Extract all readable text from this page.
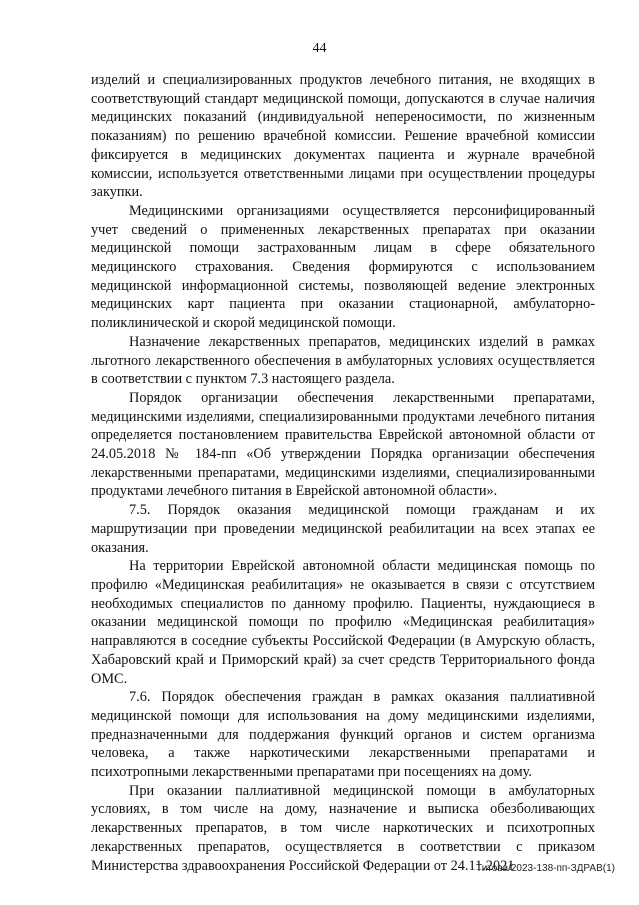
44

изделий и специализированных продуктов лечебного питания, не входящих в соответствующий стандарт медицинской помощи, допускаются в случае наличия медицинских показаний (индивидуальной непереносимости, по жизненным показаниям) по решению врачебной комиссии. Решение врачебной комиссии фиксируется в медицинских документах пациента и журнале врачебной комиссии, используется ответственными лицами при осуществлении процедуры закупки.

Медицинскими организациями осуществляется персонифицированный учет сведений о примененных лекарственных препаратах при оказании медицинской помощи застрахованным лицам в сфере обязательного медицинского страхования. Сведения формируются с использованием медицинской информационной системы, позволяющей ведение электронных медицинских карт пациента при оказании стационарной, амбулаторно-поликлинической и скорой медицинской помощи.

Назначение лекарственных препаратов, медицинских изделий в рамках льготного лекарственного обеспечения в амбулаторных условиях осуществляется в соответствии с пунктом 7.3 настоящего раздела.

Порядок организации обеспечения лекарственными препаратами, медицинскими изделиями, специализированными продуктами лечебного питания определяется постановлением правительства Еврейской автономной области от 24.05.2018 № 184-пп «Об утверждении Порядка организации обеспечения лекарственными препаратами, медицинскими изделиями, специализированными продуктами лечебного питания в Еврейской автономной области».

7.5. Порядок оказания медицинской помощи гражданам и их маршрутизации при проведении медицинской реабилитации на всех этапах ее оказания.

На территории Еврейской автономной области медицинская помощь по профилю «Медицинская реабилитация» не оказывается в связи с отсутствием необходимых специалистов по данному профилю. Пациенты, нуждающиеся в оказании медицинской помощи по профилю «Медицинская реабилитация» направляются в соседние субъекты Российской Федерации (в Амурскую область, Хабаровский край и Приморский край) за счет средств Территориального фонда ОМС.

7.6. Порядок обеспечения граждан в рамках оказания паллиативной медицинской помощи для использования на дому медицинскими изделиями, предназначенными для поддержания функций органов и систем организма человека, а также наркотическими лекарственными препаратами и психотропными лекарственными препаратами при посещениях на дому.

При оказании паллиативной медицинской помощи в амбулаторных условиях, в том числе на дому, назначение и выписка обезболивающих лекарственных препаратов, в том числе наркотических и психотропных лекарственных препаратов, осуществляется в соответствии с приказом Министерства здравоохранения Российской Федерации от 24.11.2021

Титова/2023-138-пп-ЗДРАВ(1)
